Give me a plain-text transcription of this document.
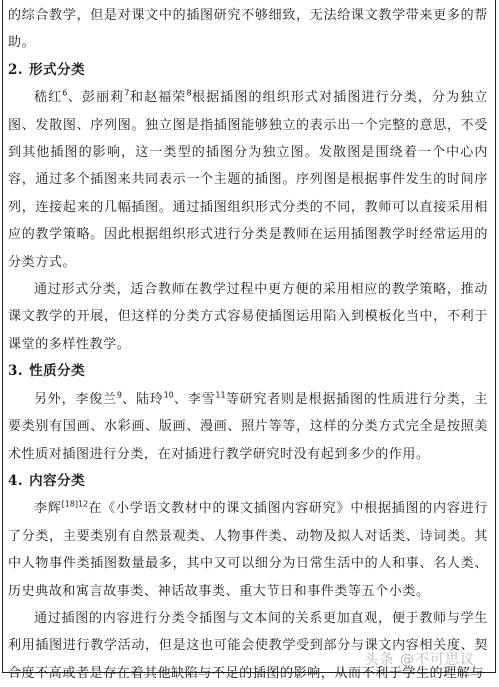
的综合教学，但是对课文中的插图研究不够细致，无法给课文教学带来更多的帮助。

2. 形式分类

嵇红$^6$、彭丽莉$^7$和赵福荣$^8$根据插图的组织形式对插图进行分类，分为独立图、发散图、序列图。独立图是指插图能够独立的表示出一个完整的意思，不受到其他插图的影响，这一类型的插图分为独立图。发散图是围绕着一个中心内容，通过多个插图来共同表示一个主题的插图。序列图是根据事件发生的时间序列，连接起来的几幅插图。通过插图组织形式分类的不同，教师可以直接采用相应的教学策略。因此根据组织形式进行分类是教师在运用插图教学时经常运用的分类方式。

通过形式分类，适合教师在教学过程中更方便的采用相应的教学策略，推动课文教学的开展，但这样的分类方式容易使插图运用陷入到模板化当中，不利于课堂的多样性教学。

3. 性质分类

另外，李俊兰$^9$、陆玲$^{10}$、李雪$^{11}$等研究者则是根据插图的性质进行分类，主要类别有国画、水彩画、版画、漫画、照片等等，这样的分类方式完全是按照美术性质对插图进行分类，在对插进行教学研究时没有起到多少的作用。

4. 内容分类

李辉$^{[18]12}$在《小学语文教材中的课文插图内容研究》中根据插图的内容进行了分类，主要类别有自然景观类、人物事件类、动物及拟人对话类、诗词类。其中人物事件类插图数量最多，其中又可以细分为日常生活中的人和事、名人类、历史典故和寓言故事类、神话故事类、重大节日和事件类等五个小类。

通过插图的内容进行分类令插图与文本间的关系更加直观，便于教师与学生利用插图进行教学活动，但是这也可能会使教学受到部分与课文内容相关度、契合度不高或者是存在着其他缺陷与不足的插图的影响，从而不利于学生的理解与

头条 @不可思议
